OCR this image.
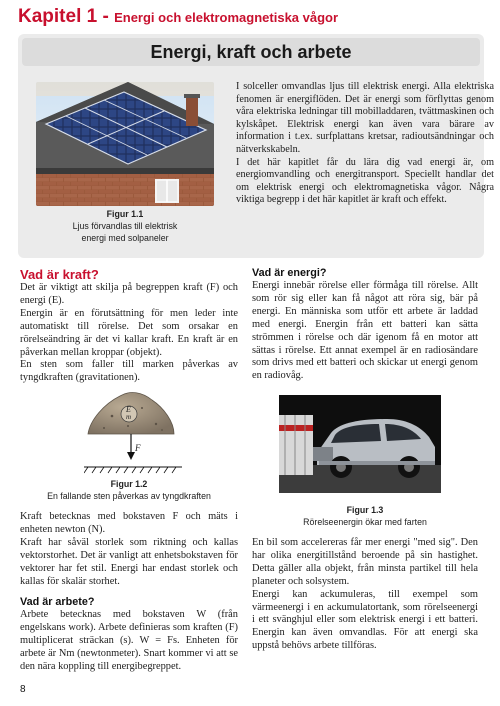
Kapitel 1 - Energi och elektromagnetiska vågor
Energi, kraft och arbete
Figur 1.1
Ljus förvandlas till elektrisk
energi med solpaneler

I solceller omvandlas ljus till elektrisk energi. Alla elektriska fenomen är energiflöden. Det är energi som förflyttas genom våra elektriska ledningar till mobilladdaren, tvättmaskinen och kylskåpet. Elektrisk energi kan även vara bärare av information i t.ex. surfplattans kretsar, radioutsändningar och nätverkskabeln.

I det här kapitlet får du lära dig vad energi är, om energiomvandling och energitransport. Speciellt handlar det om elektrisk energi och elektromagnetiska vågor. Några viktiga begrepp i det här kapitlet är kraft och effekt.

Vad är kraft?

Det är viktigt att skilja på begreppen kraft (F) och energi (E).

Energin är en förutsättning för men leder inte automatiskt till rörelse. Det som orsakar en rörelseändring är det vi kallar kraft. En kraft är en påverkan mellan kroppar (objekt).

En sten som faller till marken påverkas av tyngdkraften (gravitationen).

E
m
F
Figur 1.2
En fallande sten påverkas av tyngdkraften

Kraft betecknas med bokstaven F och mäts i enheten newton (N).

Kraft har såväl storlek som riktning och kallas vektorstorhet. Det är vanligt att enhetsbokstaven för vektorer har fet stil. Energi har endast storlek och kallas för skalär storhet.

Vad är arbete?

Arbete betecknas med bokstaven W (från engelskans work). Arbete definieras som kraften (F) multiplicerat sträckan (s). W = Fs. Enheten för arbete är Nm (newtonmeter). Snart kommer vi att se den nära koppling till energibegreppet.

Vad är energi?

Energi innebär rörelse eller förmåga till rörelse. Allt som rör sig eller kan få något att röra sig, bär på energi. En människa som utför ett arbete är laddad med energi. Energin från ett batteri kan sätta strömmen i rörelse och där igenom få en motor att sättas i rörelse. Ett annat exempel är en radiosändare som drivs med ett batteri och skickar ut energi genom en radiovåg.

Figur 1.3
Rörelseenergin ökar med farten

En bil som accelereras får mer energi "med sig". Den har olika energitillstånd beroende på sin hastighet. Detta gäller alla objekt, från minsta partikel till hela planeter och solsystem.

Energi kan ackumuleras, till exempel som värmeenergi i en ackumulatortank, som rörelseenergi i ett svänghjul eller som elektrisk energi i ett batteri. Energin kan även omvandlas. För att energi ska uppstå behövs arbete tillföras.

8
